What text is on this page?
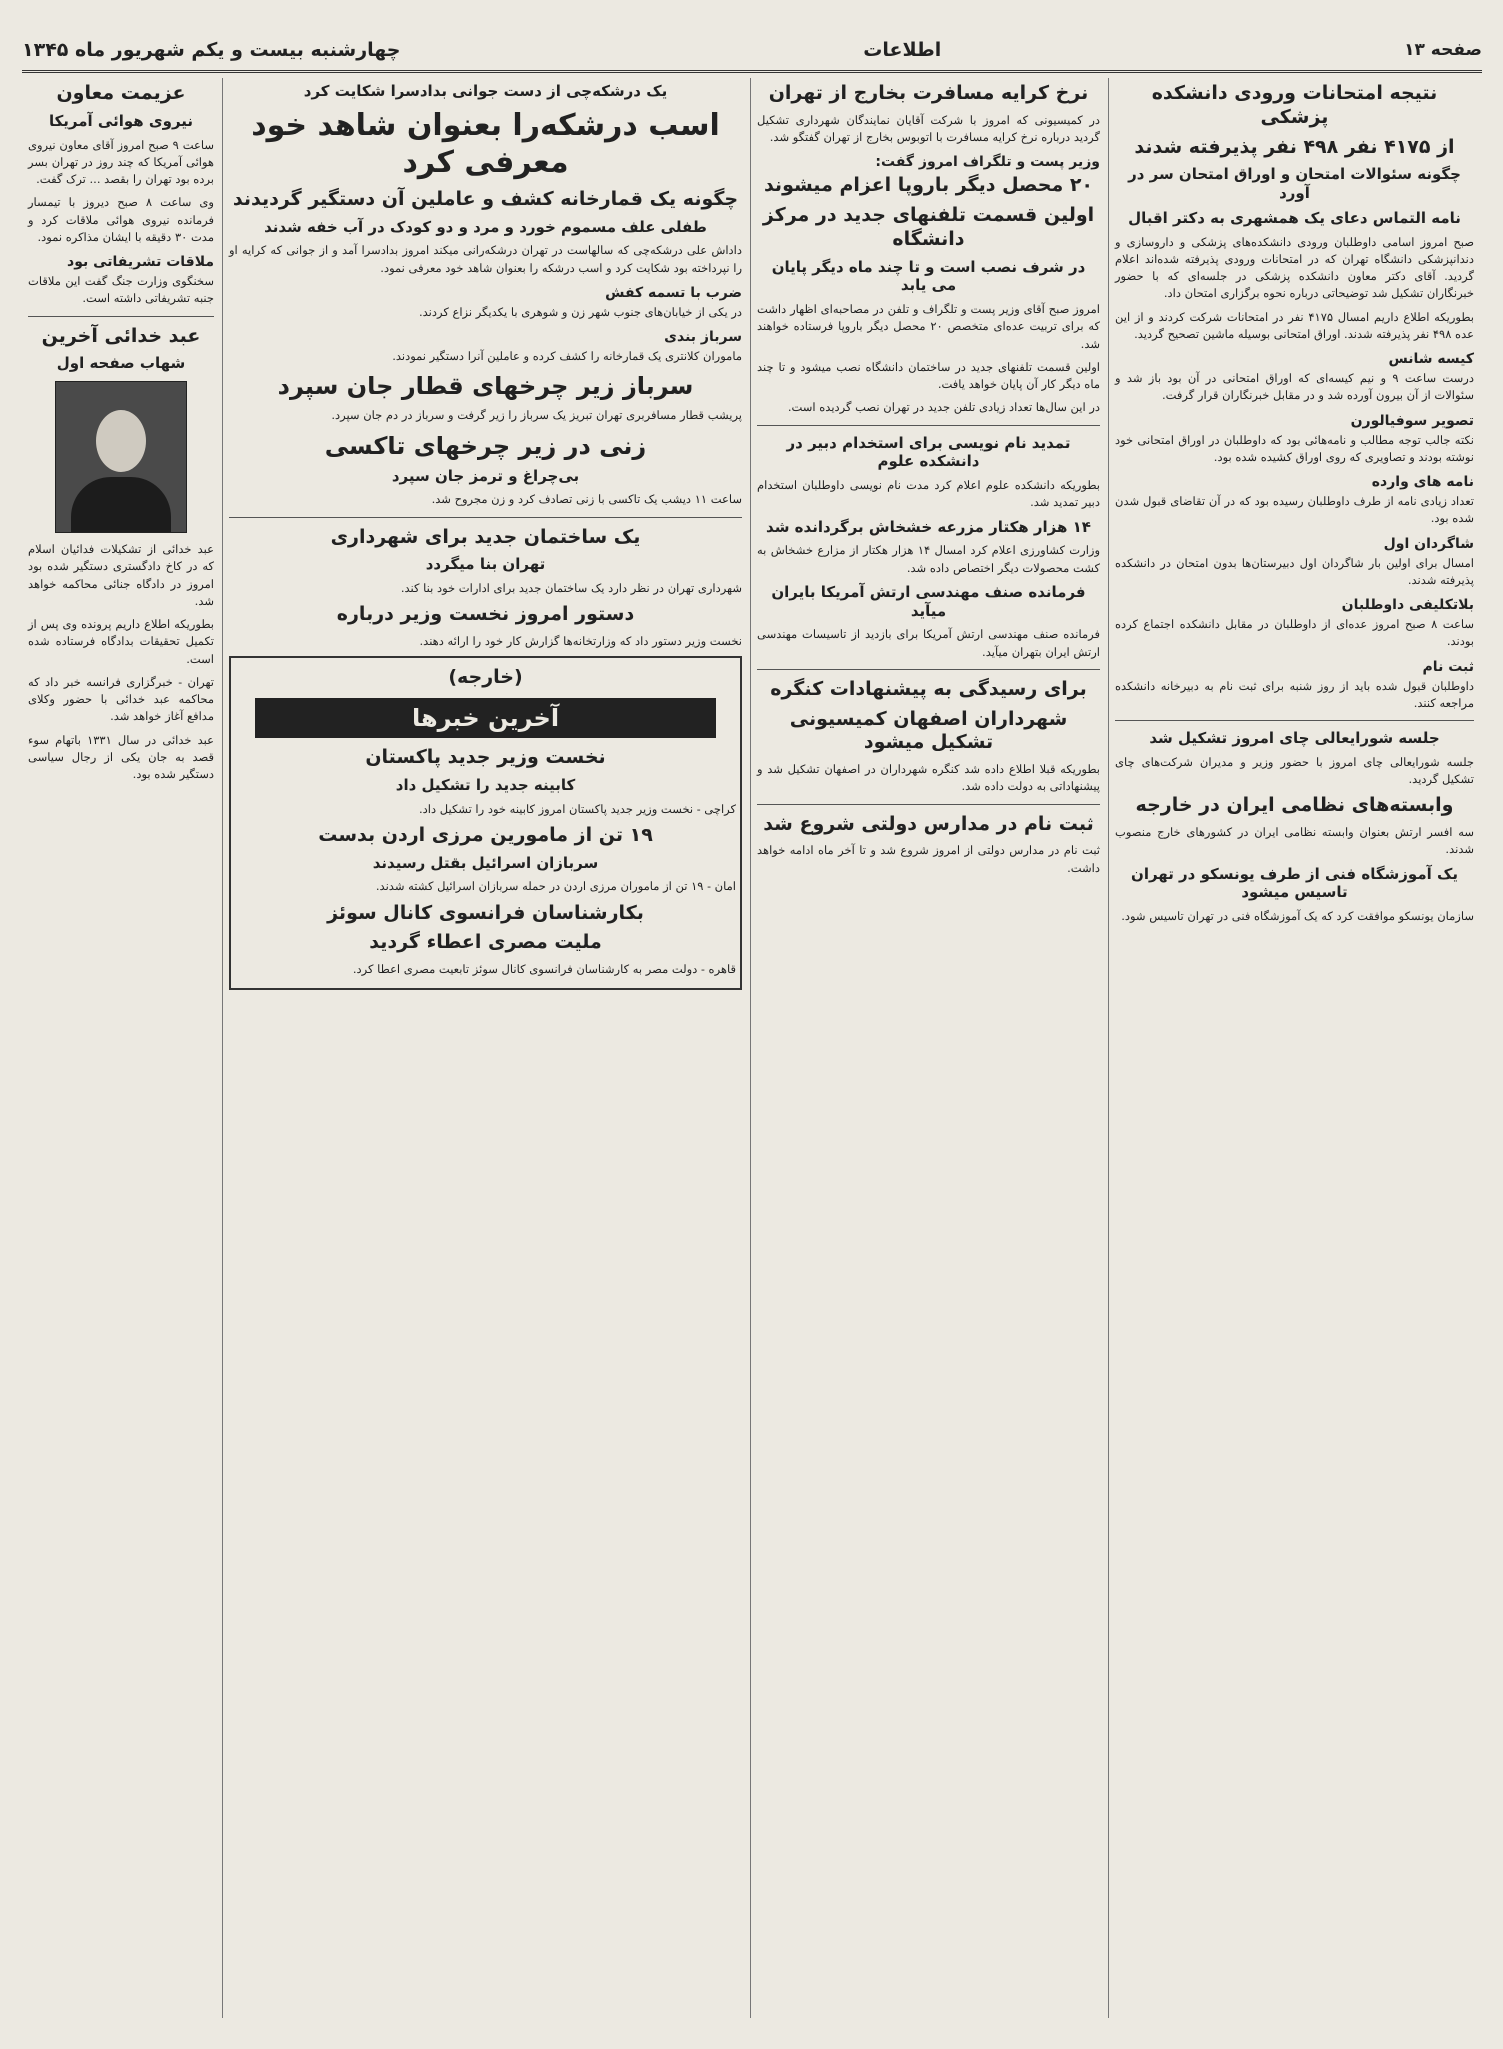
صفحه ۱۳
اطلاعات
چهارشنبه بیست و یکم شهریور ماه ۱۳۴۵
نتیجه امتحانات ورودی دانشکده پزشکی
از ۴۱۷۵ نفر ۴۹۸ نفر پذیرفته شدند
چگونه سئوالات امتحان و اوراق امتحان سر در آورد
نامه التماس دعای یک همشهری به دکتر اقبال

صبح امروز اسامی داوطلبان ورودی دانشکده‌های پزشکی و داروسازی و دندانپزشکی دانشگاه تهران که در امتحانات ورودی پذیرفته شده‌اند اعلام گردید. آقای دکتر معاون دانشکده پزشکی در جلسه‌ای که با حضور خبرنگاران تشکیل شد توضیحاتی درباره نحوه برگزاری امتحان داد.

بطوریکه اطلاع داریم امسال ۴۱۷۵ نفر در امتحانات شرکت کردند و از این عده ۴۹۸ نفر پذیرفته شدند. اوراق امتحانی بوسیله ماشین تصحیح گردید.

کیسه شانس

درست ساعت ۹ و نیم کیسه‌ای که اوراق امتحانی در آن بود باز شد و سئوالات از آن بیرون آورده شد و در مقابل خبرنگاران قرار گرفت.

تصویر سوفیالورن

نکته جالب توجه مطالب و نامه‌هائی بود که داوطلبان در اوراق امتحانی خود نوشته بودند و تصاویری که روی اوراق کشیده شده بود.

نامه های وارده

تعداد زیادی نامه از طرف داوطلبان رسیده بود که در آن تقاضای قبول شدن شده بود.

شاگردان اول

امسال برای اولین بار شاگردان اول دبیرستان‌ها بدون امتحان در دانشکده پذیرفته شدند.

بلاتکلیفی داوطلبان

ساعت ۸ صبح امروز عده‌ای از داوطلبان در مقابل دانشکده اجتماع کرده بودند.

ثبت نام

داوطلبان قبول شده باید از روز شنبه برای ثبت نام به دبیرخانه دانشکده مراجعه کنند.

جلسه شورایعالی چای امروز تشکیل شد

جلسه شورایعالی چای امروز با حضور وزیر و مدیران شرکت‌های چای تشکیل گردید.

وابسته‌های نظامی ایران در خارجه

سه افسر ارتش بعنوان وابسته نظامی ایران در کشورهای خارج منصوب شدند.

یک آموزشگاه فنی از طرف یونسکو در تهران تاسیس میشود

سازمان یونسکو موافقت کرد که یک آموزشگاه فنی در تهران تاسیس شود.

نرخ کرایه مسافرت بخارج از تهران

در کمیسیونی که امروز با شرکت آقایان نمایندگان شهرداری تشکیل گردید درباره نرخ کرایه مسافرت با اتوبوس بخارج از تهران گفتگو شد.

وزیر پست و تلگراف امروز گفت:
۲۰ محصل دیگر باروپا اعزام میشوند
اولین قسمت تلفنهای جدید در مرکز دانشگاه
در شرف نصب است و تا چند ماه دیگر پایان می یابد

امروز صبح آقای وزیر پست و تلگراف و تلفن در مصاحبه‌ای اظهار داشت که برای تربیت عده‌ای متخصص ۲۰ محصل دیگر باروپا فرستاده خواهند شد.

اولین قسمت تلفنهای جدید در ساختمان دانشگاه نصب میشود و تا چند ماه دیگر کار آن پایان خواهد یافت.

در این سال‌ها تعداد زیادی تلفن جدید در تهران نصب گردیده است.

تمدید نام نویسی برای استخدام دبیر در دانشکده علوم

بطوریکه دانشکده علوم اعلام کرد مدت نام نویسی داوطلبان استخدام دبیر تمدید شد.

۱۴ هزار هکتار مزرعه خشخاش برگردانده شد

وزارت کشاورزی اعلام کرد امسال ۱۴ هزار هکتار از مزارع خشخاش به کشت محصولات دیگر اختصاص داده شد.

فرمانده صنف مهندسی ارتش آمریکا بایران میآید

فرمانده صنف مهندسی ارتش آمریکا برای بازدید از تاسیسات مهندسی ارتش ایران بتهران میآید.

برای رسیدگی به پیشنهادات کنگره
شهرداران اصفهان کمیسیونی تشکیل میشود

بطوریکه قبلا اطلاع داده شد کنگره شهرداران در اصفهان تشکیل شد و پیشنهاداتی به دولت داده شد.

ثبت نام در مدارس دولتی شروع شد

ثبت نام در مدارس دولتی از امروز شروع شد و تا آخر ماه ادامه خواهد داشت.

یک درشکه‌چی از دست جوانی بدادسرا شکایت کرد
اسب درشکه‌را بعنوان شاهد خود معرفی کرد
چگونه یک قمارخانه کشف و عاملین آن دستگیر گردیدند
طفلی علف مسموم خورد و مرد و دو کودک در آب خفه شدند

داداش علی درشکه‌چی که سالهاست در تهران درشکه‌رانی میکند امروز بدادسرا آمد و از جوانی که کرایه او را نپرداخته بود شکایت کرد و اسب درشکه را بعنوان شاهد خود معرفی نمود.

ضرب با تسمه کفش

در یکی از خیابان‌های جنوب شهر زن و شوهری با یکدیگر نزاع کردند.

سرباز بندی

ماموران کلانتری یک قمارخانه را کشف کرده و عاملین آنرا دستگیر نمودند.

سرباز زیر چرخهای قطار جان سپرد

پریشب قطار مسافربری تهران تبریز یک سرباز را زیر گرفت و سرباز در دم جان سپرد.

زنی در زیر چرخهای تاکسی
بی‌چراغ و ترمز جان سپرد

ساعت ۱۱ دیشب یک تاکسی با زنی تصادف کرد و زن مجروح شد.

یک ساختمان جدید برای شهرداری
تهران بنا میگردد

شهرداری تهران در نظر دارد یک ساختمان جدید برای ادارات خود بنا کند.

دستور امروز نخست وزیر درباره

نخست وزیر دستور داد که وزارتخانه‌ها گزارش کار خود را ارائه دهند.

(خارجه)
آخرین خبرها
نخست وزیر جدید پاکستان
کابینه جدید را تشکیل داد

کراچی - نخست وزیر جدید پاکستان امروز کابینه خود را تشکیل داد.

۱۹ تن از مامورین مرزی اردن بدست
سربازان اسرائیل بقتل رسیدند

امان - ۱۹ تن از ماموران مرزی اردن در حمله سربازان اسرائیل کشته شدند.

بکارشناسان فرانسوی کانال سوئز
ملیت مصری اعطاء گردید

قاهره - دولت مصر به کارشناسان فرانسوی کانال سوئز تابعیت مصری اعطا کرد.

عزیمت معاون
نیروی هوائی آمریکا

ساعت ۹ صبح امروز آقای معاون نیروی هوائی آمریکا که چند روز در تهران بسر برده بود تهران را بقصد ... ترک گفت.

وی ساعت ۸ صبح دیروز با تیمسار فرمانده نیروی هوائی ملاقات کرد و مدت ۳۰ دقیقه با ایشان مذاکره نمود.

ملاقات تشریفاتی بود

سخنگوی وزارت جنگ گفت این ملاقات جنبه تشریفاتی داشته است.

عبد خدائی آخرین
شهاب صفحه اول

عبد خدائی از تشکیلات فدائیان اسلام که در کاخ دادگستری دستگیر شده بود امروز در دادگاه جنائی محاکمه خواهد شد.

بطوریکه اطلاع داریم پرونده وی پس از تکمیل تحقیقات بدادگاه فرستاده شده است.

تهران - خبرگزاری فرانسه خبر داد که محاکمه عبد خدائی با حضور وکلای مدافع آغاز خواهد شد.

عبد خدائی در سال ۱۳۳۱ باتهام سوء قصد به جان یکی از رجال سیاسی دستگیر شده بود.
